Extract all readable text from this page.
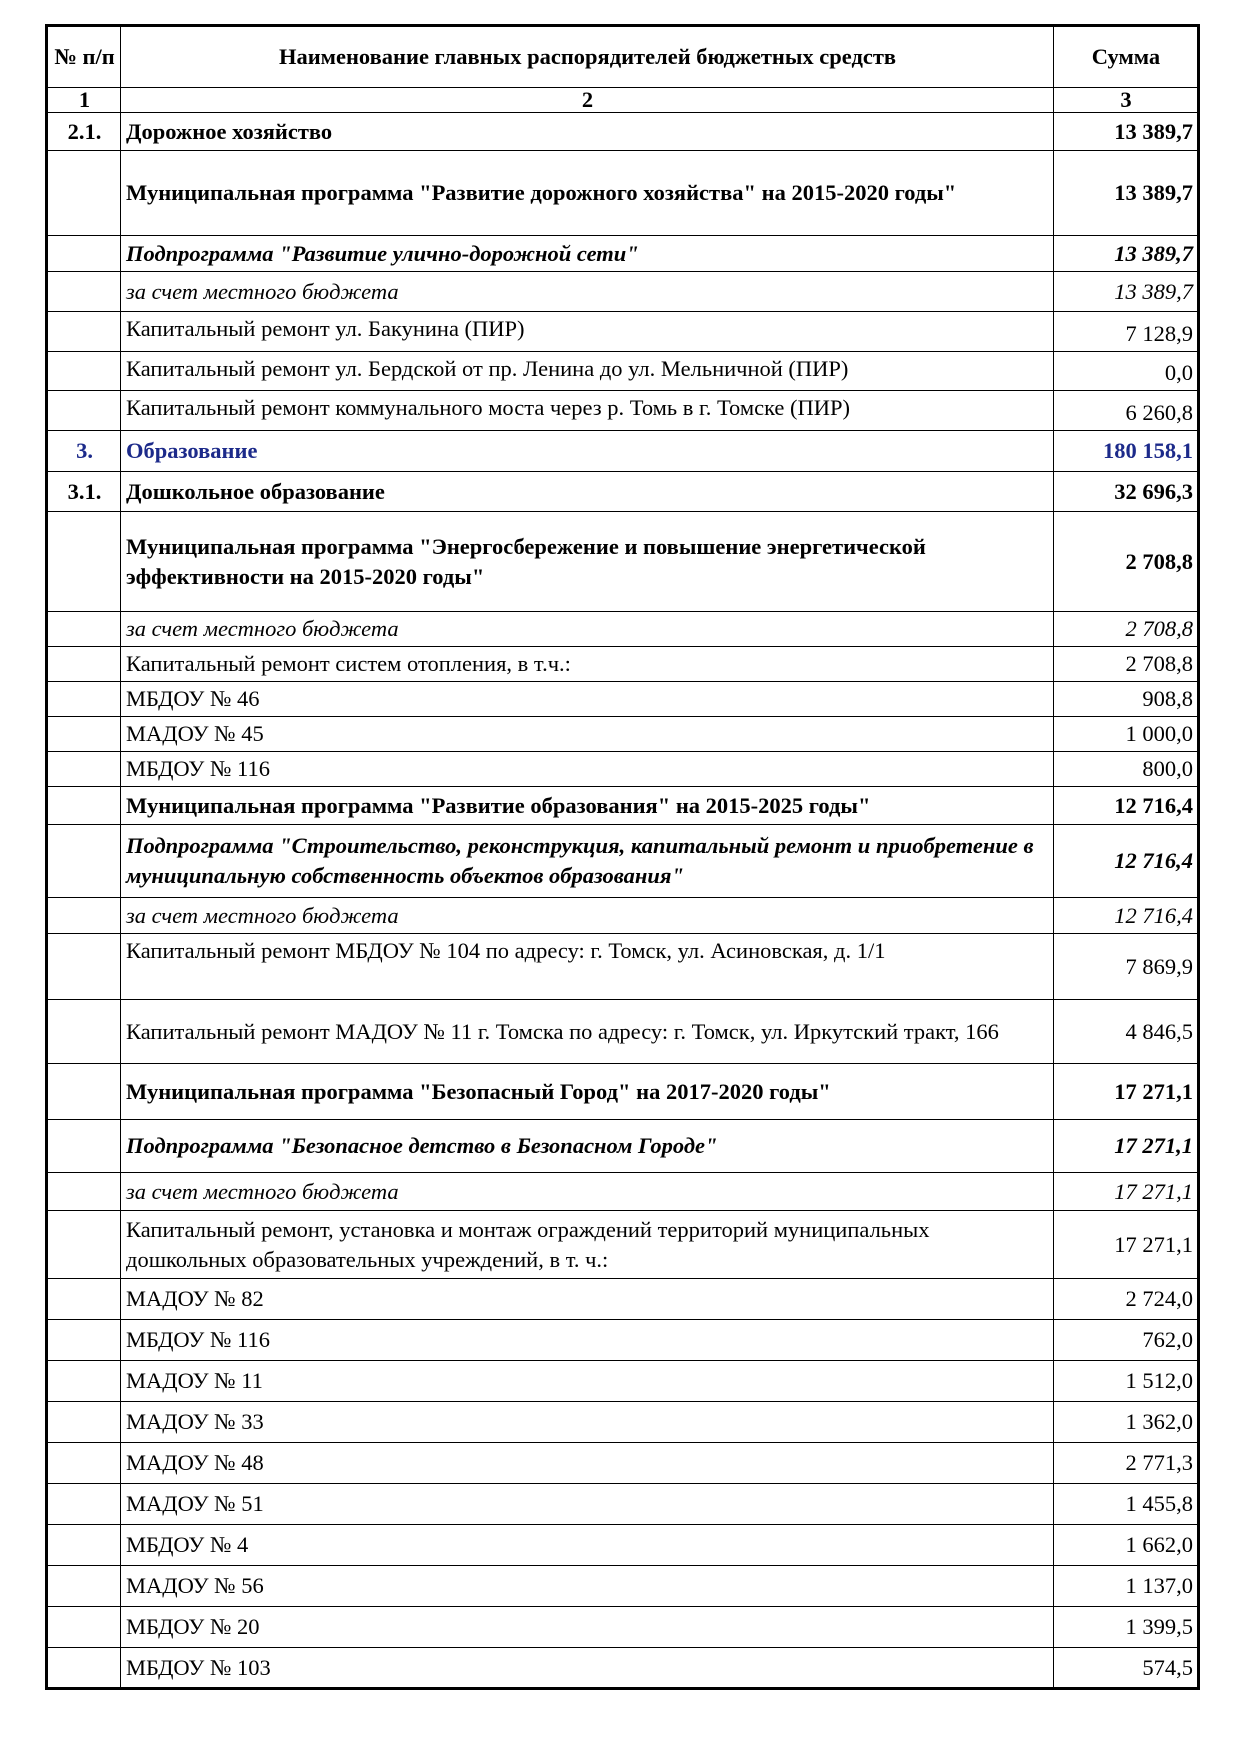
№ п/п	Наименование главных распорядителей бюджетных средств	Сумма
1	2	3
2.1.	Дорожное хозяйство	13 389,7
	Муниципальная программа "Развитие дорожного хозяйства" на 2015-2020 годы"	13 389,7
	Подпрограмма "Развитие улично-дорожной сети"	13 389,7
	за счет местного бюджета	13 389,7
	Капитальный ремонт ул. Бакунина (ПИР)	7 128,9
	Капитальный ремонт ул. Бердской от пр. Ленина до ул. Мельничной (ПИР)	0,0
	Капитальный ремонт коммунального моста через р. Томь в г. Томске (ПИР)	6 260,8
3.	Образование	180 158,1
3.1.	Дошкольное образование	32 696,3
	Муниципальная программа "Энергосбережение и повышение энергетической эффективности на 2015-2020 годы"	2 708,8
	за счет местного бюджета	2 708,8
	Капитальный ремонт систем отопления, в т.ч.:	2 708,8
	МБДОУ № 46	908,8
	МАДОУ № 45	1 000,0
	МБДОУ № 116	800,0
	Муниципальная программа "Развитие образования" на 2015-2025 годы"	12 716,4
	Подпрограмма "Строительство, реконструкция, капитальный ремонт и приобретение в муниципальную собственность объектов образования"	12 716,4
	за счет местного бюджета	12 716,4
	Капитальный ремонт МБДОУ № 104 по адресу: г. Томск, ул. Асиновская, д. 1/1	7 869,9
	Капитальный ремонт МАДОУ № 11 г. Томска по адресу: г. Томск, ул. Иркутский тракт, 166	4 846,5
	Муниципальная программа "Безопасный Город" на 2017-2020 годы"	17 271,1
	Подпрограмма "Безопасное детство в Безопасном Городе"	17 271,1
	за счет местного бюджета	17 271,1
	Капитальный ремонт, установка и монтаж ограждений территорий муниципальных дошкольных образовательных учреждений, в т. ч.:	17 271,1
	МАДОУ № 82	2 724,0
	МБДОУ № 116	762,0
	МАДОУ № 11	1 512,0
	МАДОУ № 33	1 362,0
	МАДОУ № 48	2 771,3
	МАДОУ № 51	1 455,8
	МБДОУ № 4	1 662,0
	МАДОУ № 56	1 137,0
	МБДОУ № 20	1 399,5
	МБДОУ № 103	574,5
